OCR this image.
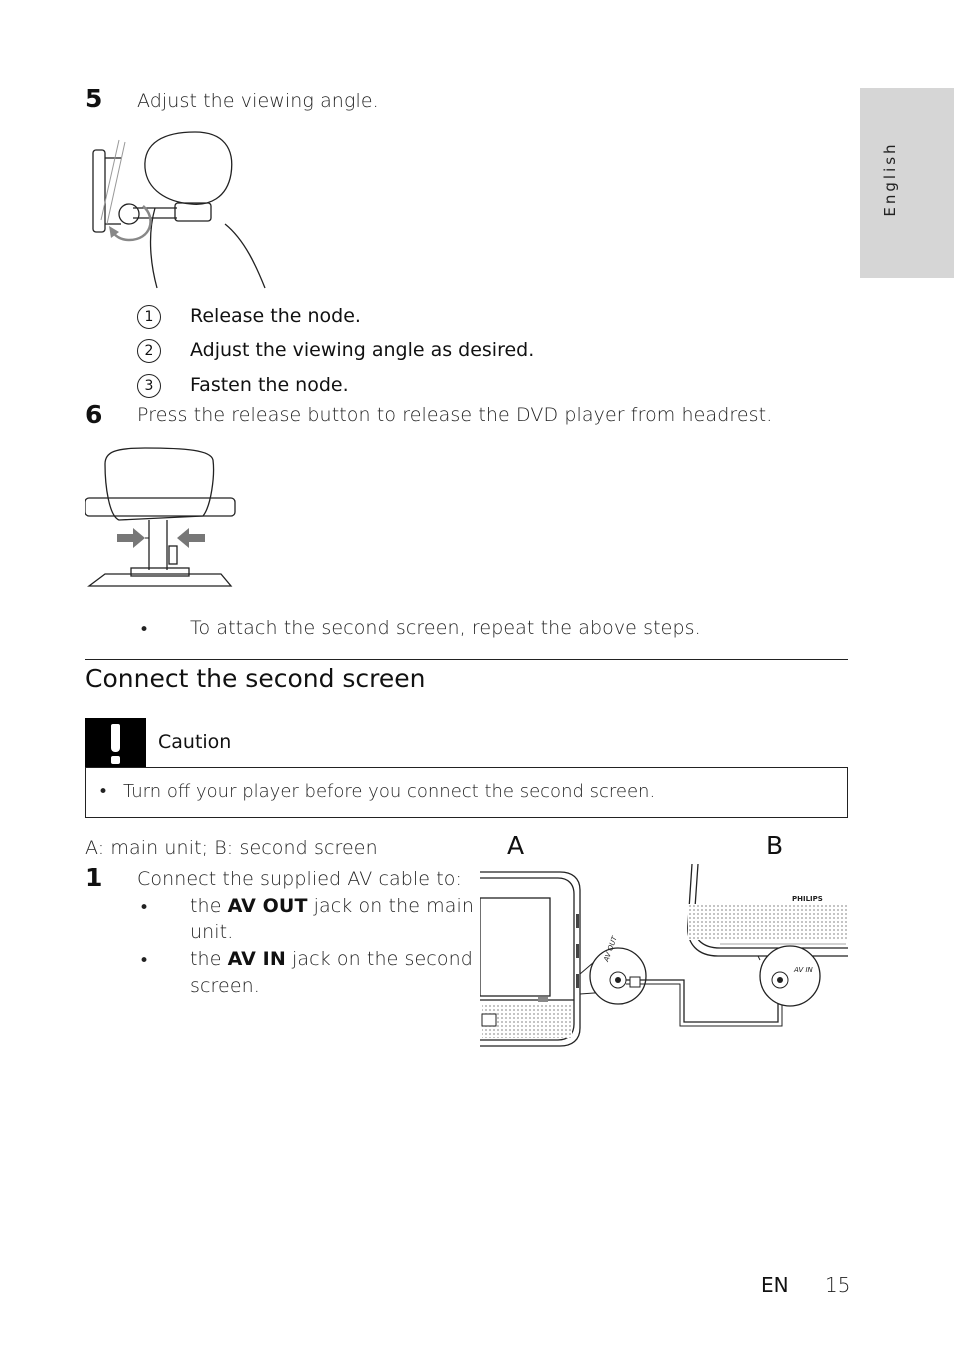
English
5 Adjust the viewing angle.
1	Release the node.
2	Adjust the viewing angle as desired.
3	Fasten the node.
6 Press the release button to release the DVD player from headrest.
• To attach the second screen, repeat the above steps.
Connect the second screen
Caution
• Turn off your player before you connect the second screen.
A: main unit; B: second screen
1 Connect the supplied AV cable to:
• the AV OUT jack on the main
unit.
• the AV IN jack on the second
screen.
A	B
AV OUT
PHILIPS
AV IN
EN 15
